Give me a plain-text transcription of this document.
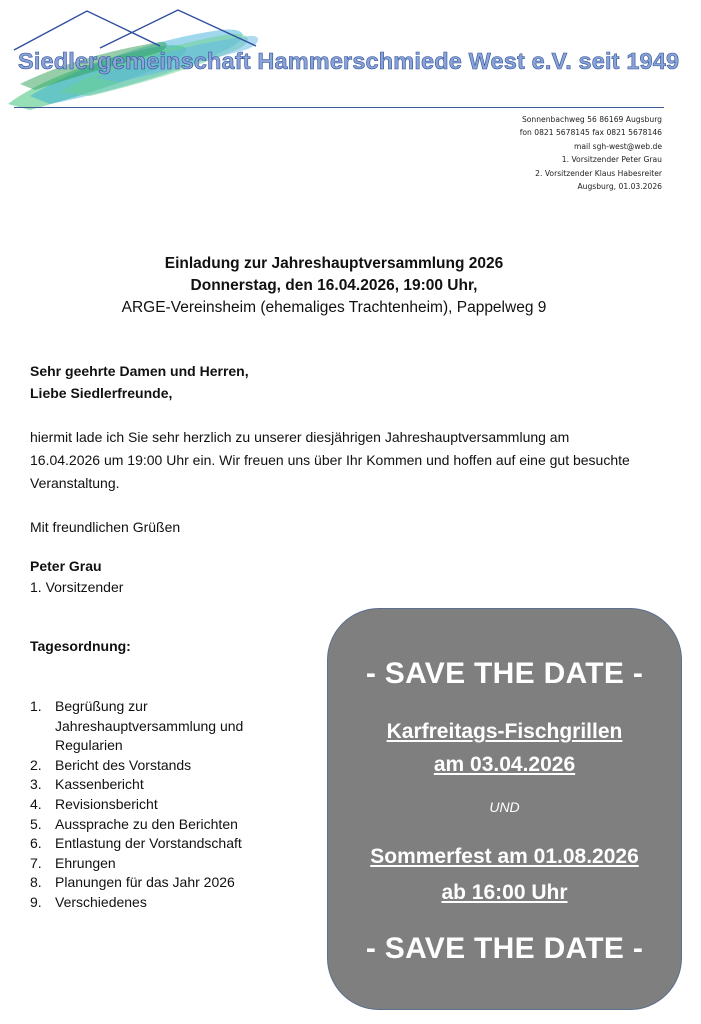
Siedlergemeinschaft Hammerschmiede West e.V. seit 1949
Sonnenbachweg 56 86169 Augsburg
fon 0821 5678145 fax 0821 5678146
mail sgh-west@web.de
1. Vorsitzender Peter Grau
2. Vorsitzender Klaus Habesreiter
Augsburg, 01.03.2026
Einladung zur Jahreshauptversammlung 2026
Donnerstag, den 16.04.2026, 19:00 Uhr,
ARGE-Vereinsheim (ehemaliges Trachtenheim), Pappelweg 9
Sehr geehrte Damen und Herren,
Liebe Siedlerfreunde,
hiermit lade ich Sie sehr herzlich zu unserer diesjährigen Jahreshauptversammlung am 16.04.2026 um 19:00 Uhr ein. Wir freuen uns über Ihr Kommen und hoffen auf eine gut besuchte Veranstaltung.
Mit freundlichen Grüßen
Peter Grau
1. Vorsitzender
Tagesordnung:
1. Begrüßung zur Jahreshauptversammlung und Regularien
2. Bericht des Vorstands
3. Kassenbericht
4. Revisionsbericht
5. Aussprache zu den Berichten
6. Entlastung der Vorstandschaft
7. Ehrungen
8. Planungen für das Jahr 2026
9. Verschiedenes
- SAVE THE DATE -
Karfreitags-Fischgrillen
am 03.04.2026
UND
Sommerfest am 01.08.2026
ab 16:00 Uhr
- SAVE THE DATE -
